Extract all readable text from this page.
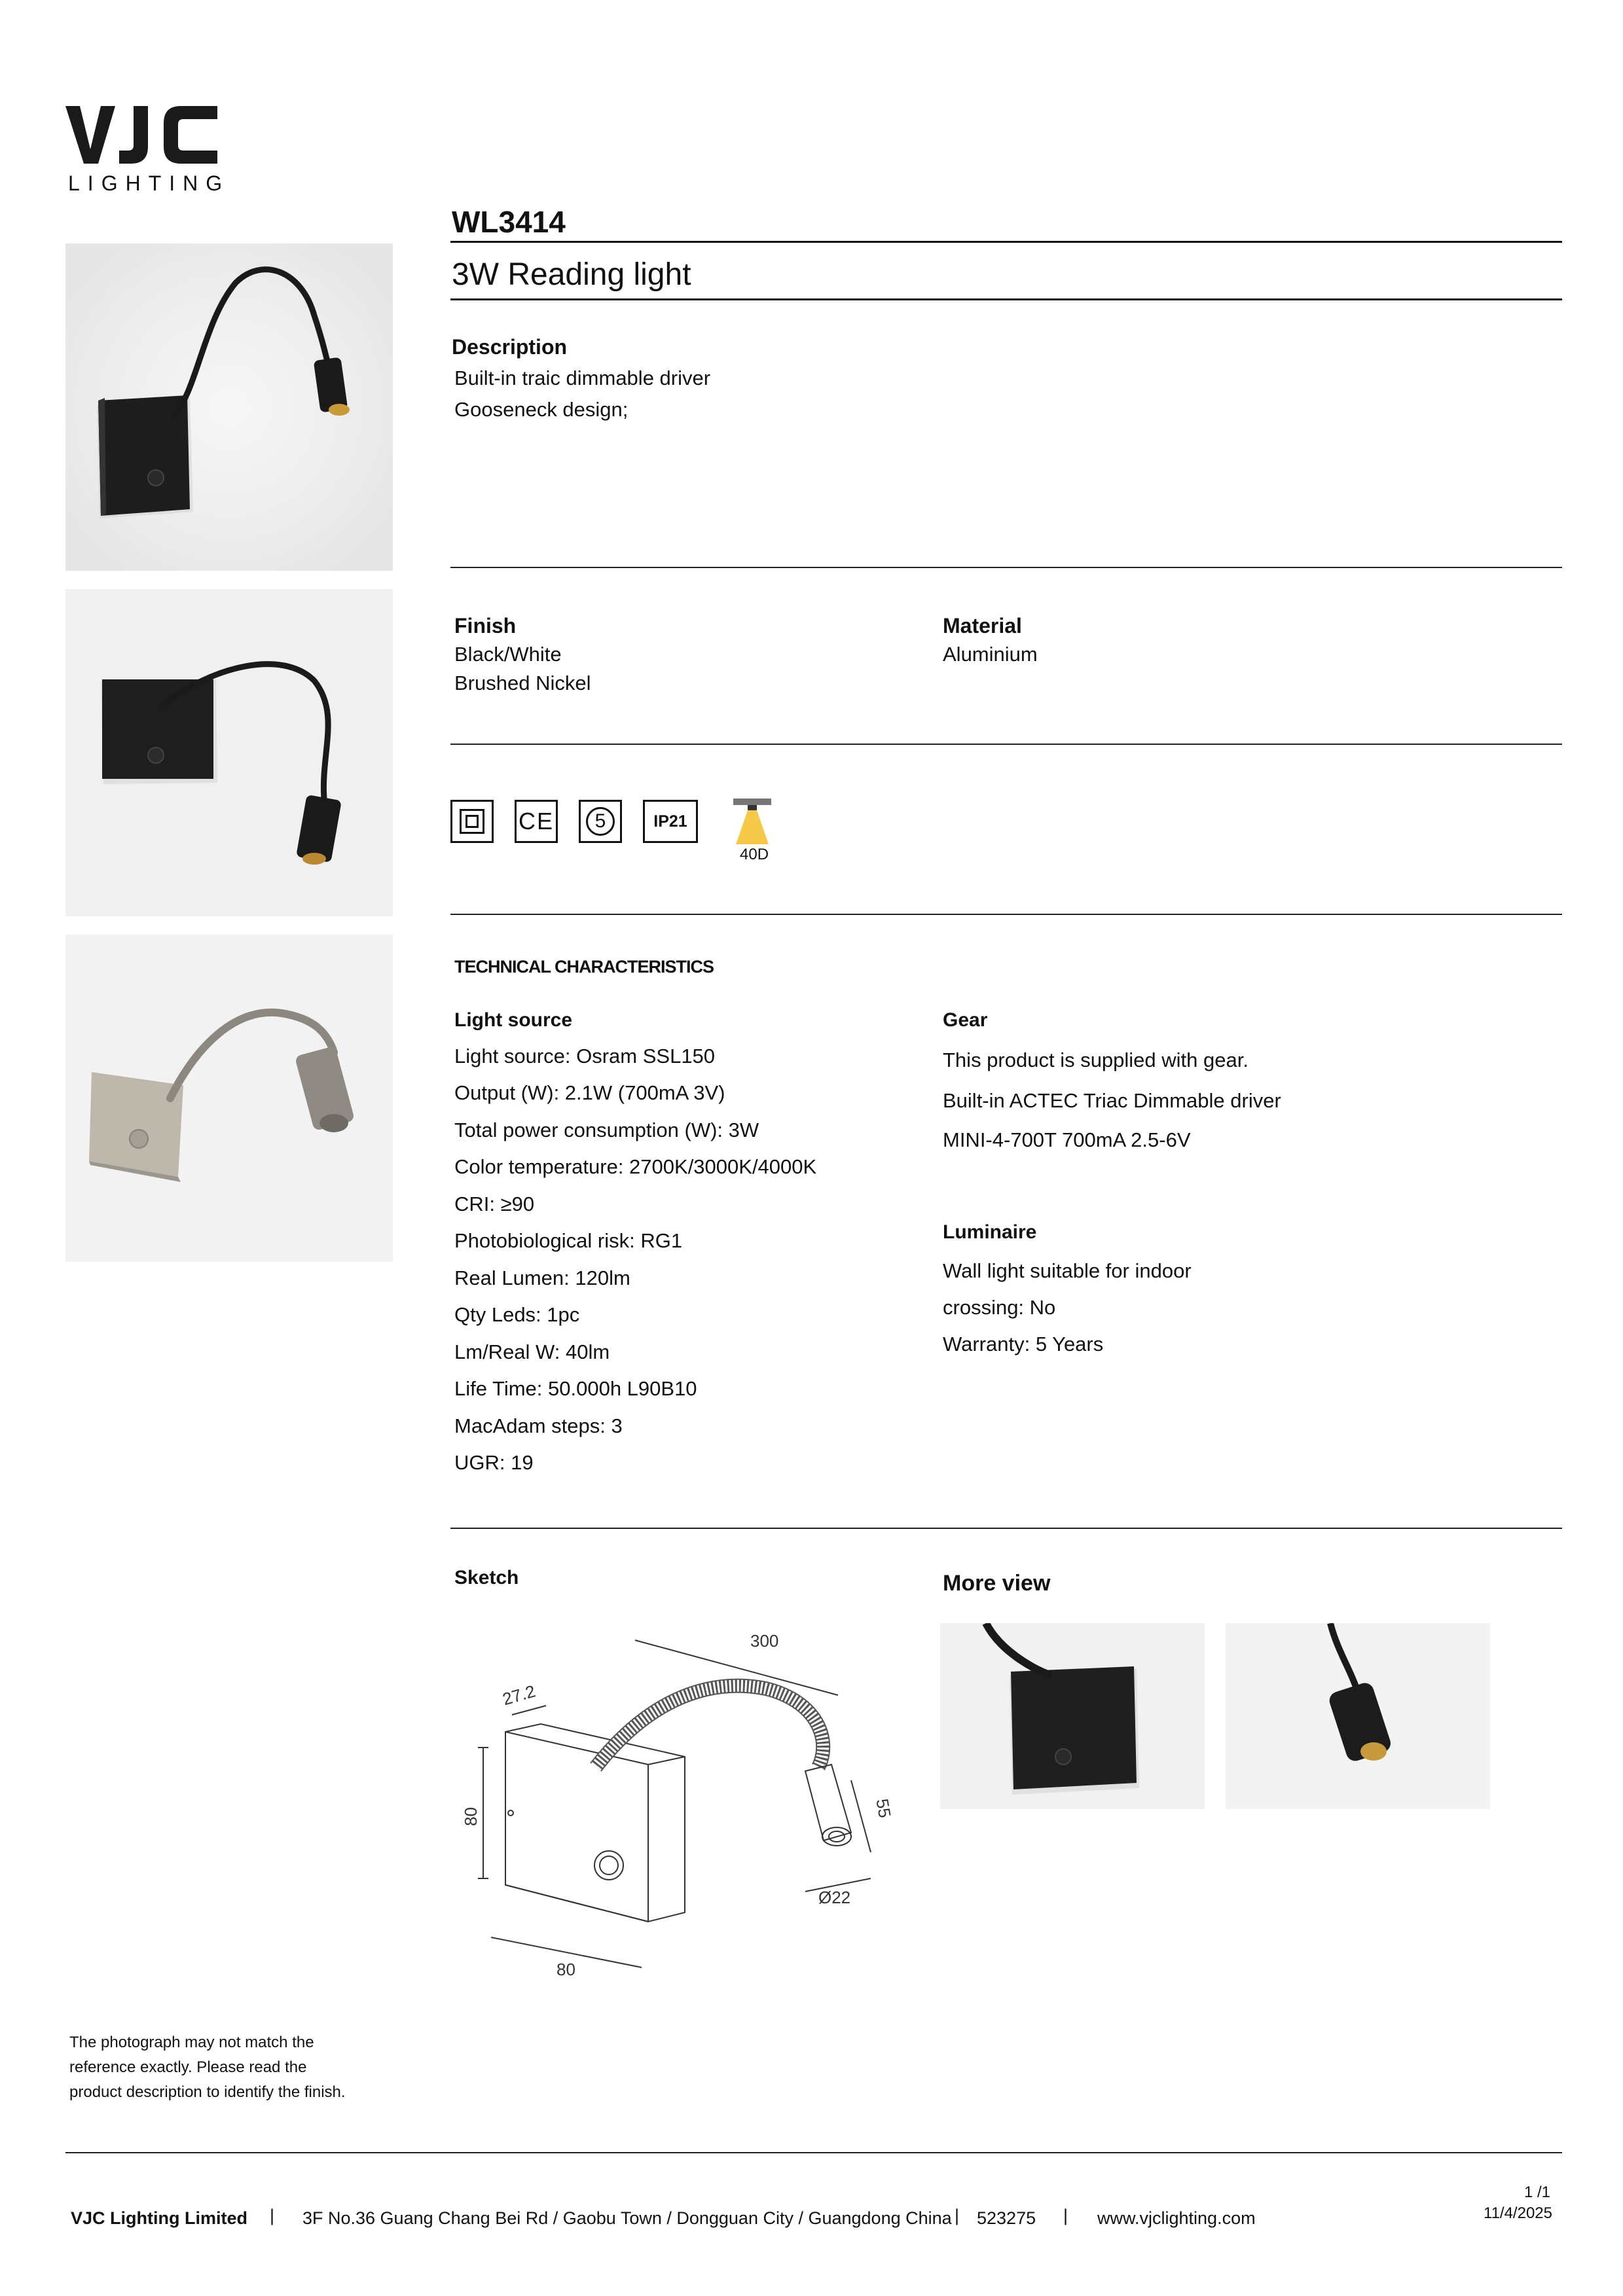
LIGHTING
WL3414
3W Reading light
Description
Built-in traic dimmable driver
Gooseneck design;
Finish
Black/White
Brushed Nickel
Material
Aluminium
CE	5	IP21
40D
TECHNICAL CHARACTERISTICS
Light source
Light source: Osram SSL150
Output (W): 2.1W (700mA 3V)
Total power consumption (W): 3W
Color temperature: 2700K/3000K/4000K
CRI: ≥90
Photobiological risk: RG1
Real Lumen: 120lm
Qty Leds: 1pc
Lm/Real W: 40lm
Life Time: 50.000h L90B10
MacAdam steps: 3
UGR: 19
Gear
This product is supplied with gear.
Built-in ACTEC Triac Dimmable driver
MINI-4-700T 700mA 2.5-6V
Luminaire
Wall light suitable for indoor
crossing: No
Warranty: 5 Years
Sketch
300
27.2
80
80
55
Ø22
More view
The photograph may not match the
reference exactly. Please read the
product description to identify the finish.
1 /1
11/4/2025
VJC Lighting Limited | 3F No.36 Guang Chang Bei Rd / Gaobu Town / Dongguan City / Guangdong China | 523275 | www.vjclighting.com
